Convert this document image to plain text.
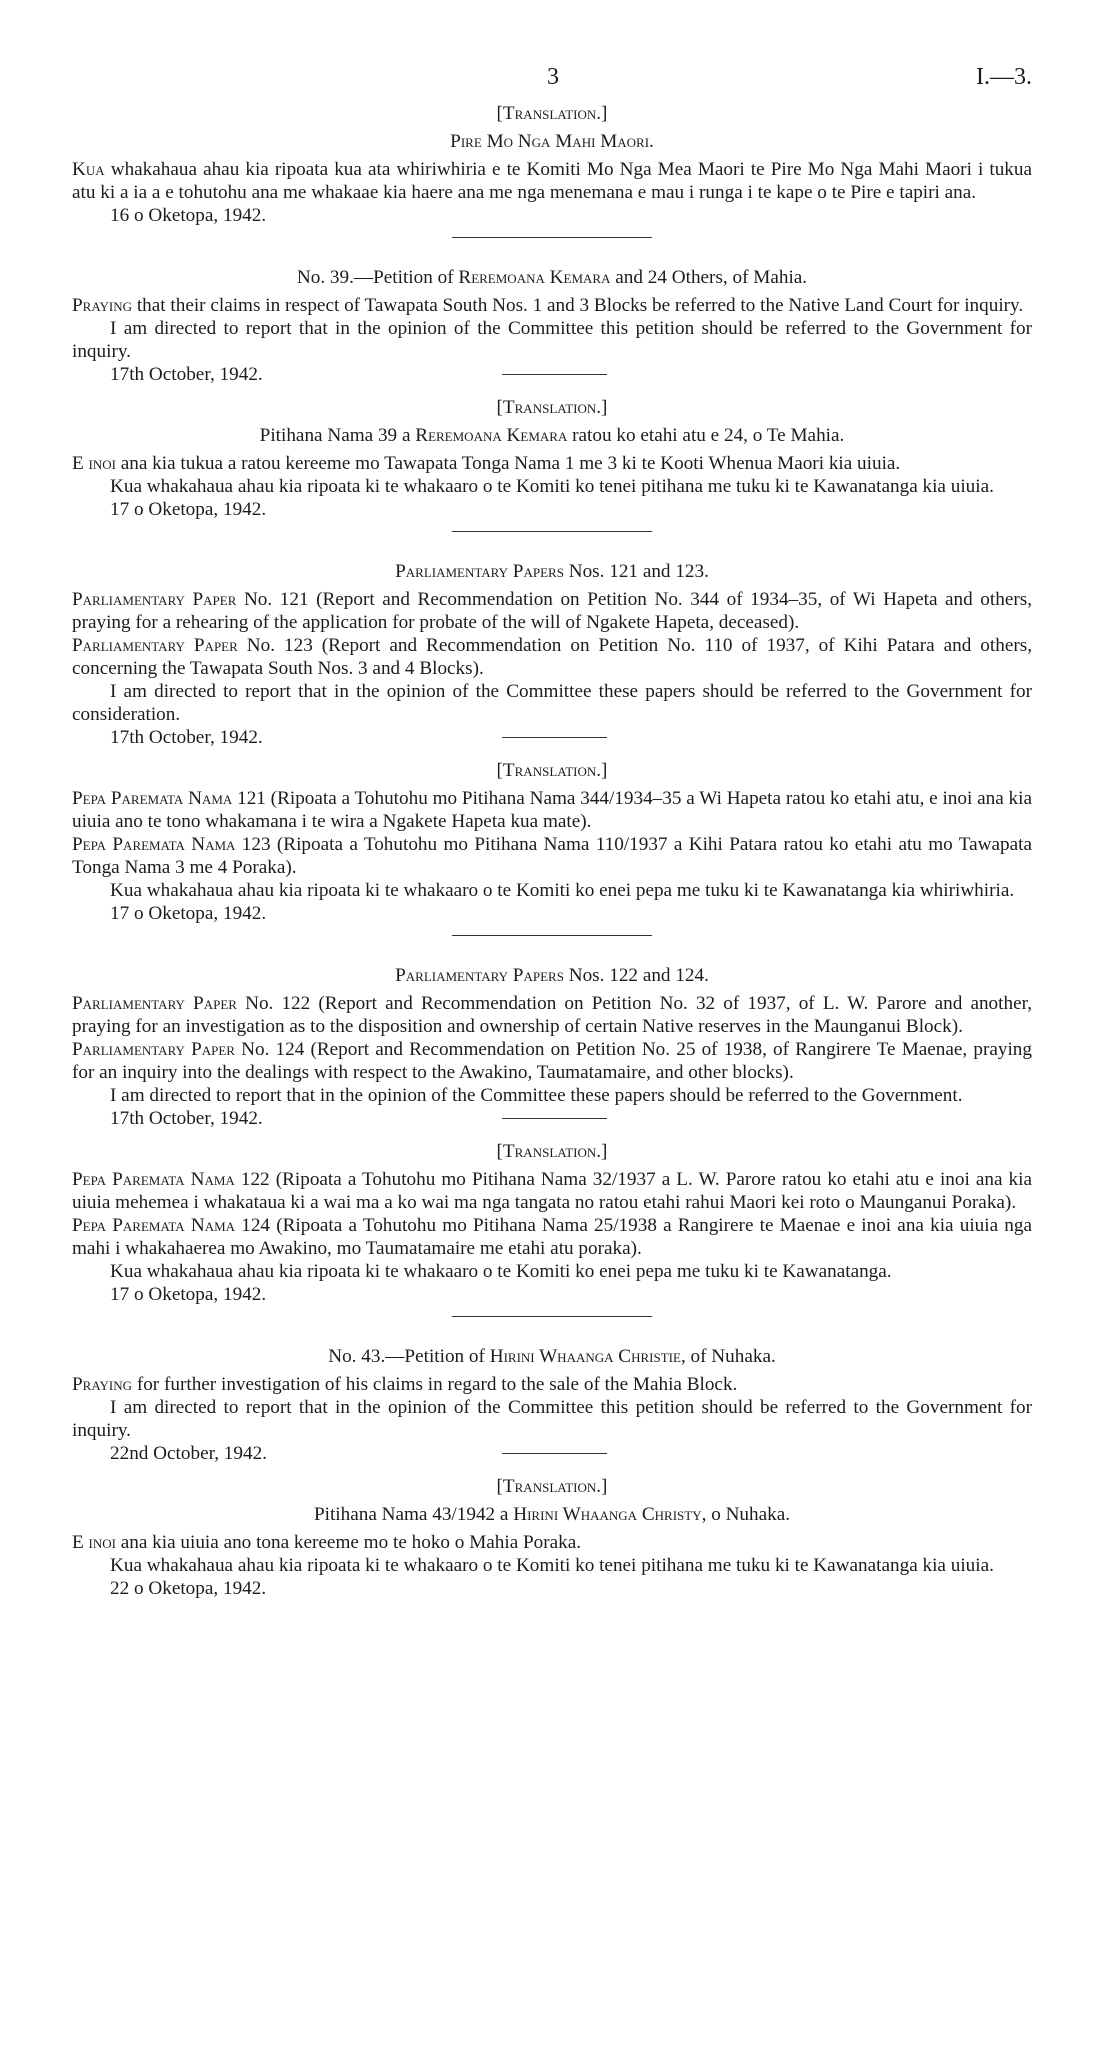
3	I.—3.

[Translation.]

Pire Mo Nga Mahi Maori.

Kua whakahaua ahau kia ripoata kua ata whiriwhiria e te Komiti Mo Nga Mea Maori te Pire Mo Nga Mahi Maori i tukua atu ki a ia a e tohutohu ana me whakaae kia haere ana me nga menemana e mau i runga i te kape o te Pire e tapiri ana.

16 o Oketopa, 1942.

No. 39.—Petition of Reremoana Kemara and 24 Others, of Mahia.

Praying that their claims in respect of Tawapata South Nos. 1 and 3 Blocks be referred to the Native Land Court for inquiry.

I am directed to report that in the opinion of the Committee this petition should be referred to the Government for inquiry.

17th October, 1942.

[Translation.]

Pitihana Nama 39 a Reremoana Kemara ratou ko etahi atu e 24, o Te Mahia.

E inoi ana kia tukua a ratou kereeme mo Tawapata Tonga Nama 1 me 3 ki te Kooti Whenua Maori kia uiuia.

Kua whakahaua ahau kia ripoata ki te whakaaro o te Komiti ko tenei pitihana me tuku ki te Kawanatanga kia uiuia.

17 o Oketopa, 1942.

Parliamentary Papers Nos. 121 and 123.

Parliamentary Paper No. 121 (Report and Recommendation on Petition No. 344 of 1934–35, of Wi Hapeta and others, praying for a rehearing of the application for probate of the will of Ngakete Hapeta, deceased).

Parliamentary Paper No. 123 (Report and Recommendation on Petition No. 110 of 1937, of Kihi Patara and others, concerning the Tawapata South Nos. 3 and 4 Blocks).

I am directed to report that in the opinion of the Committee these papers should be referred to the Government for consideration.

17th October, 1942.

[Translation.]

Pepa Paremata Nama 121 (Ripoata a Tohutohu mo Pitihana Nama 344/1934–35 a Wi Hapeta ratou ko etahi atu, e inoi ana kia uiuia ano te tono whakamana i te wira a Ngakete Hapeta kua mate).

Pepa Paremata Nama 123 (Ripoata a Tohutohu mo Pitihana Nama 110/1937 a Kihi Patara ratou ko etahi atu mo Tawapata Tonga Nama 3 me 4 Poraka).

Kua whakahaua ahau kia ripoata ki te whakaaro o te Komiti ko enei pepa me tuku ki te Kawanatanga kia whiriwhiria.

17 o Oketopa, 1942.

Parliamentary Papers Nos. 122 and 124.

Parliamentary Paper No. 122 (Report and Recommendation on Petition No. 32 of 1937, of L. W. Parore and another, praying for an investigation as to the disposition and ownership of certain Native reserves in the Maunganui Block).

Parliamentary Paper No. 124 (Report and Recommendation on Petition No. 25 of 1938, of Rangirere Te Maenae, praying for an inquiry into the dealings with respect to the Awakino, Taumatamaire, and other blocks).

I am directed to report that in the opinion of the Committee these papers should be referred to the Government.

17th October, 1942.

[Translation.]

Pepa Paremata Nama 122 (Ripoata a Tohutohu mo Pitihana Nama 32/1937 a L. W. Parore ratou ko etahi atu e inoi ana kia uiuia mehemea i whakataua ki a wai ma a ko wai ma nga tangata no ratou etahi rahui Maori kei roto o Maunganui Poraka).

Pepa Paremata Nama 124 (Ripoata a Tohutohu mo Pitihana Nama 25/1938 a Rangirere te Maenae e inoi ana kia uiuia nga mahi i whakahaerea mo Awakino, mo Taumatamaire me etahi atu poraka).

Kua whakahaua ahau kia ripoata ki te whakaaro o te Komiti ko enei pepa me tuku ki te Kawanatanga.

17 o Oketopa, 1942.

No. 43.—Petition of Hirini Whaanga Christie, of Nuhaka.

Praying for further investigation of his claims in regard to the sale of the Mahia Block.

I am directed to report that in the opinion of the Committee this petition should be referred to the Government for inquiry.

22nd October, 1942.

[Translation.]

Pitihana Nama 43/1942 a Hirini Whaanga Christy, o Nuhaka.

E inoi ana kia uiuia ano tona kereeme mo te hoko o Mahia Poraka.

Kua whakahaua ahau kia ripoata ki te whakaaro o te Komiti ko tenei pitihana me tuku ki te Kawanatanga kia uiuia.

22 o Oketopa, 1942.
